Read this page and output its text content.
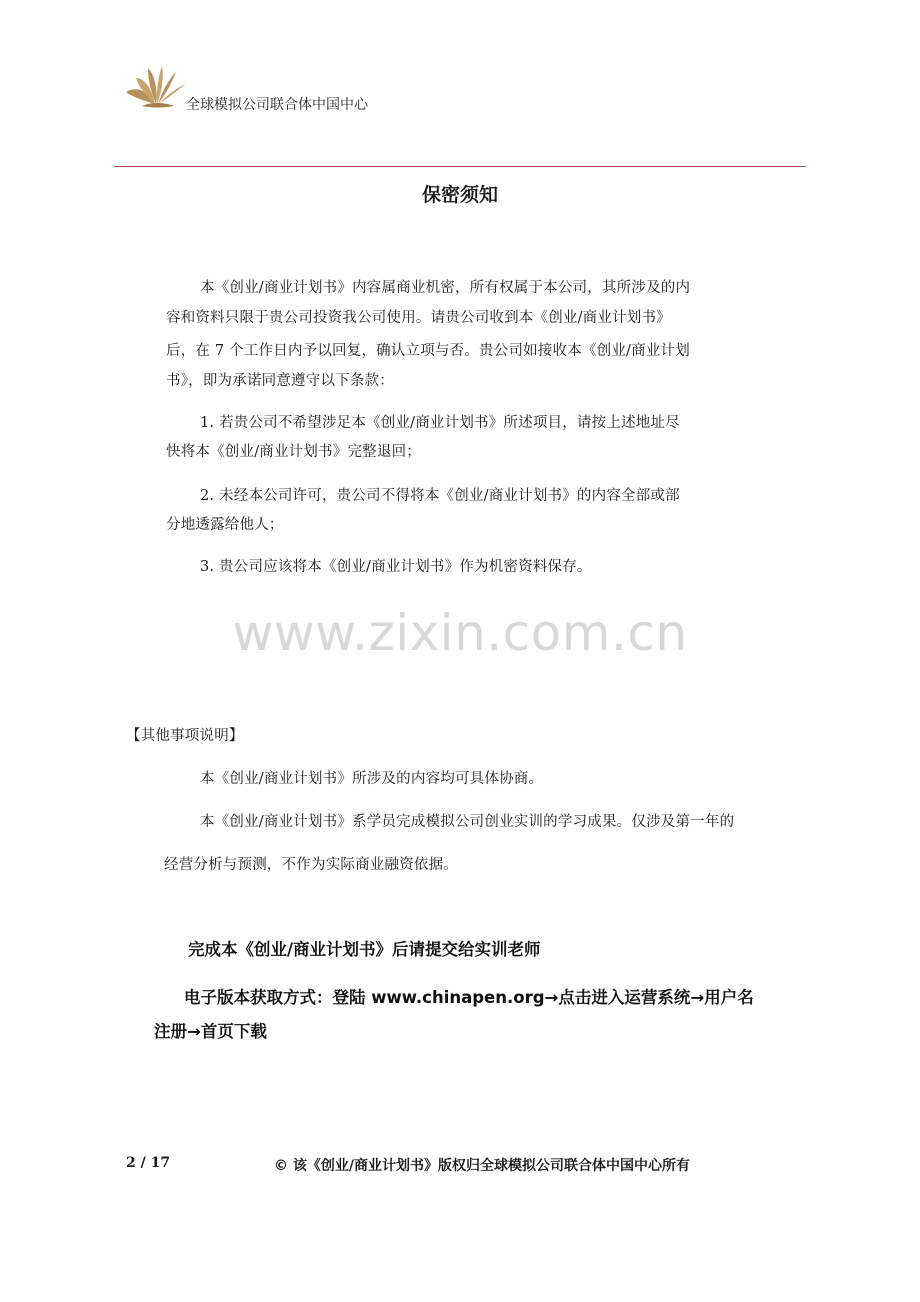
全球模拟公司联合体中国中心
保密须知
本《创业/商业计划书》内容属商业机密，所有权属于本公司，其所涉及的内
容和资料只限于贵公司投资我公司使用。请贵公司收到本《创业/商业计划书》
后，在 7 个工作日内予以回复，确认立项与否。贵公司如接收本《创业/商业计划
书》，即为承诺同意遵守以下条款：
1. 若贵公司不希望涉足本《创业/商业计划书》所述项目，请按上述地址尽
快将本《创业/商业计划书》完整退回；
2. 未经本公司许可，贵公司不得将本《创业/商业计划书》的内容全部或部
分地透露给他人；
3. 贵公司应该将本《创业/商业计划书》作为机密资料保存。
www.zixin.com.cn
【其他事项说明】
本《创业/商业计划书》所涉及的内容均可具体协商。
本《创业/商业计划书》系学员完成模拟公司创业实训的学习成果。仅涉及第一年的
经营分析与预测，不作为实际商业融资依据。
完成本《创业/商业计划书》后请提交给实训老师
电子版本获取方式：登陆 www.chinapen.org→点击进入运营系统→用户名
注册→首页下载
2 / 17	© 该《创业/商业计划书》版权归全球模拟公司联合体中国中心所有
